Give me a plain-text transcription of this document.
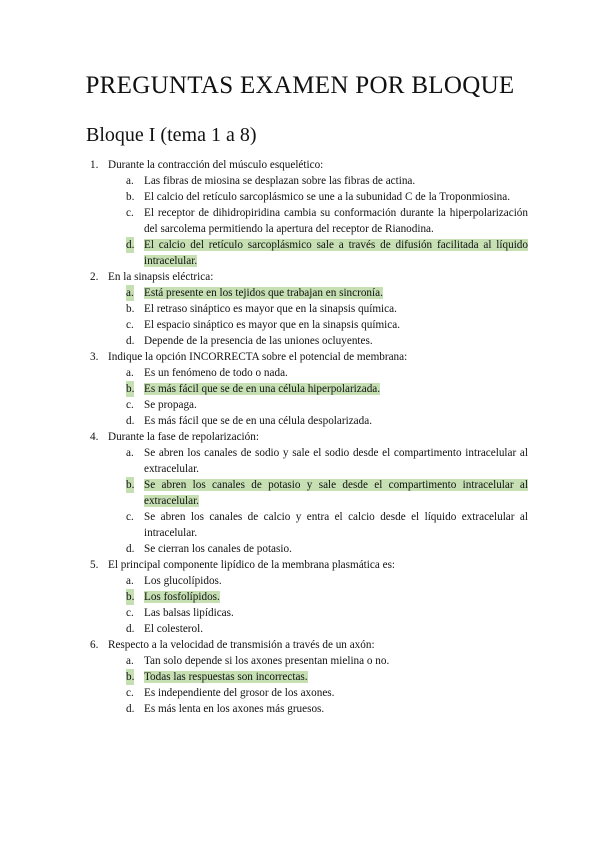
PREGUNTAS EXAMEN POR BLOQUE
Bloque I (tema 1 a 8)
1. Durante la contracción del músculo esquelético:
a. Las fibras de miosina se desplazan sobre las fibras de actina.
b. El calcio del retículo sarcoplásmico se une a la subunidad C de la Troponmiosina.
c. El receptor de dihidropiridina cambia su conformación durante la hiperpolarización del sarcolema permitiendo la apertura del receptor de Rianodina.
d. El calcio del retículo sarcoplásmico sale a través de difusión facilitada al líquido intracelular.
2. En la sinapsis eléctrica:
a. Está presente en los tejidos que trabajan en sincronía.
b. El retraso sináptico es mayor que en la sinapsis química.
c. El espacio sináptico es mayor que en la sinapsis química.
d. Depende de la presencia de las uniones ocluyentes.
3. Indique la opción INCORRECTA sobre el potencial de membrana:
a. Es un fenómeno de todo o nada.
b. Es más fácil que se de en una célula hiperpolarizada.
c. Se propaga.
d. Es más fácil que se de en una célula despolarizada.
4. Durante la fase de repolarización:
a. Se abren los canales de sodio y sale el sodio desde el compartimento intracelular al extracelular.
b. Se abren los canales de potasio y sale desde el compartimento intracelular al extracelular.
c. Se abren los canales de calcio y entra el calcio desde el líquido extracelular al intracelular.
d. Se cierran los canales de potasio.
5. El principal componente lipídico de la membrana plasmática es:
a. Los glucolípidos.
b. Los fosfolípidos.
c. Las balsas lipídicas.
d. El colesterol.
6. Respecto a la velocidad de transmisión a través de un axón:
a. Tan solo depende si los axones presentan mielina o no.
b. Todas las respuestas son incorrectas.
c. Es independiente del grosor de los axones.
d. Es más lenta en los axones más gruesos.
